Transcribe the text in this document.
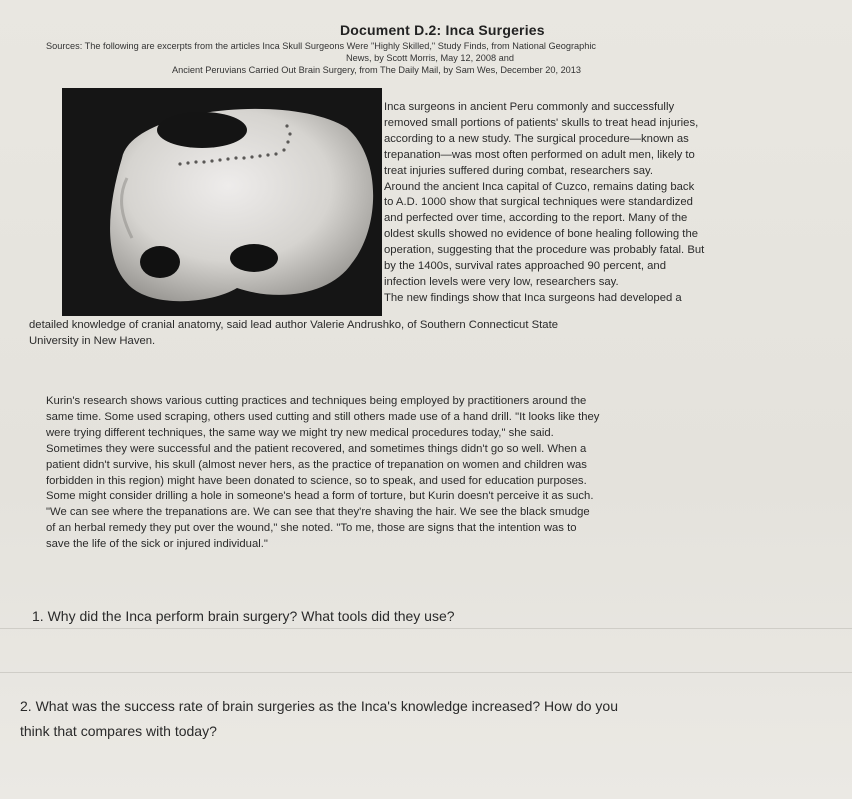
Document D.2: Inca Surgeries
Sources: The following are excerpts from the articles Inca Skull Surgeons Were "Highly Skilled," Study Finds, from National Geographic
News, by Scott Morris, May 12, 2008 and
Ancient Peruvians Carried Out Brain Surgery, from The Daily Mail, by Sam Wes, December 20, 2013
Inca surgeons in ancient Peru commonly and successfully
removed small portions of patients' skulls to treat head injuries,
according to a new study. The surgical procedure—known as
trepanation—was most often performed on adult men, likely to
treat injuries suffered during combat, researchers say.
Around the ancient Inca capital of Cuzco, remains dating back
to A.D. 1000 show that surgical techniques were standardized
and perfected over time, according to the report. Many of the
oldest skulls showed no evidence of bone healing following the
operation, suggesting that the procedure was probably fatal. But
by the 1400s, survival rates approached 90 percent, and
infection levels were very low, researchers say.
The new findings show that Inca surgeons had developed a
detailed knowledge of cranial anatomy, said lead author Valerie Andrushko, of Southern Connecticut State
University in New Haven.
Kurin's research shows various cutting practices and techniques being employed by practitioners around the
same time. Some used scraping, others used cutting and still others made use of a hand drill. "It looks like they
were trying different techniques, the same way we might try new medical procedures today," she said.
Sometimes they were successful and the patient recovered, and sometimes things didn't go so well. When a
patient didn't survive, his skull (almost never hers, as the practice of trepanation on women and children was
forbidden in this region) might have been donated to science, so to speak, and used for education purposes.
Some might consider drilling a hole in someone's head a form of torture, but Kurin doesn't perceive it as such.
"We can see where the trepanations are. We can see that they're shaving the hair. We see the black smudge
of an herbal remedy they put over the wound," she noted. "To me, those are signs that the intention was to
save the life of the sick or injured individual."
1. Why did the Inca perform brain surgery? What tools did they use?
2. What was the success rate of brain surgeries as the Inca's knowledge increased? How do you
think that compares with today?
